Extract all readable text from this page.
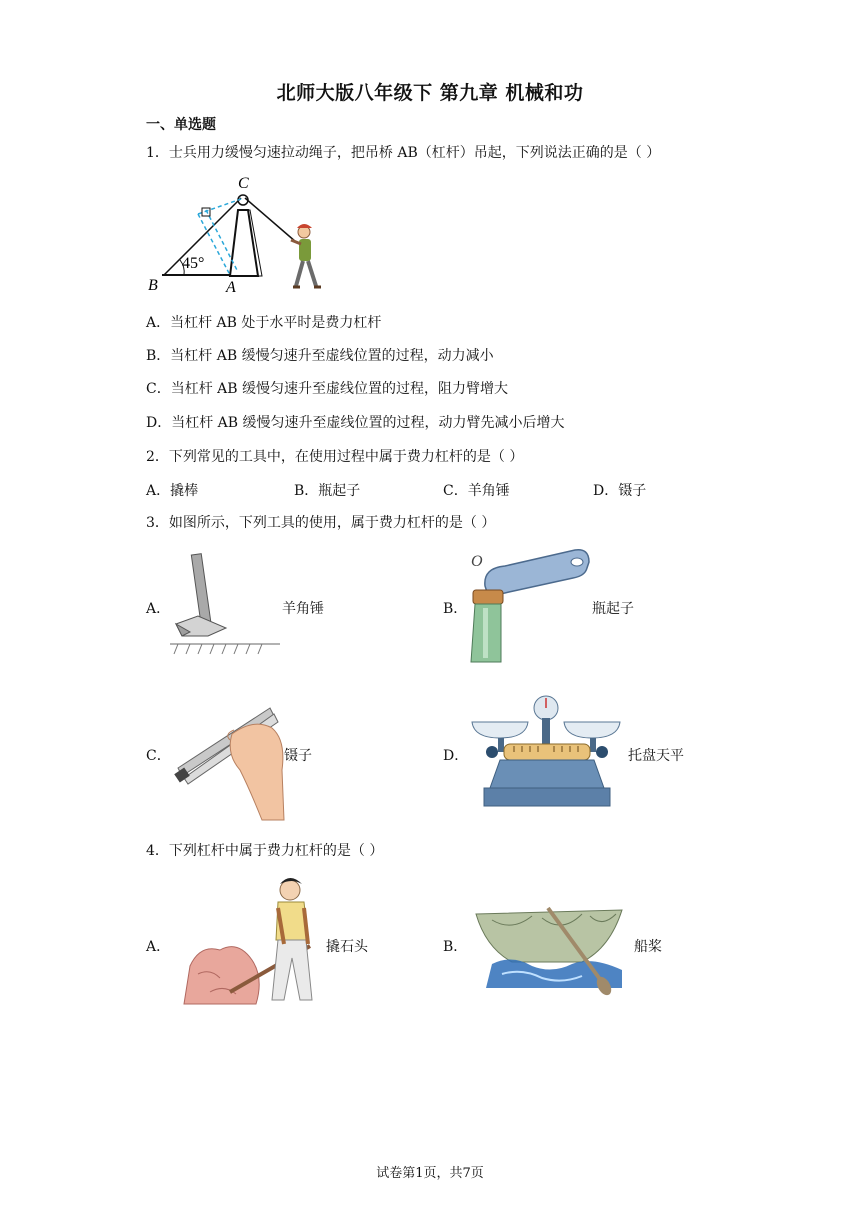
北师大版八年级下 第九章 机械和功
一、单选题
1．士兵用力缓慢匀速拉动绳子，把吊桥 AB（杠杆）吊起，下列说法正确的是（ ）
45°
C
B	A
A．当杠杆 AB 处于水平时是费力杠杆
B．当杠杆 AB 缓慢匀速升至虚线位置的过程，动力减小
C．当杠杆 AB 缓慢匀速升至虚线位置的过程，阻力臂增大
D．当杠杆 AB 缓慢匀速升至虚线位置的过程，动力臂先减小后增大
2．下列常见的工具中，在使用过程中属于费力杠杆的是（ ）
A．撬棒	B．瓶起子	C．羊角锤	D．镊子
3．如图所示，下列工具的使用，属于费力杠杆的是（ ）
A．	羊角锤	B．
O
瓶起子
C．	镊子	D．	托盘天平
4．下列杠杆中属于费力杠杆的是（ ）
A．	撬石头	B．	船桨
试卷第1页，共7页
